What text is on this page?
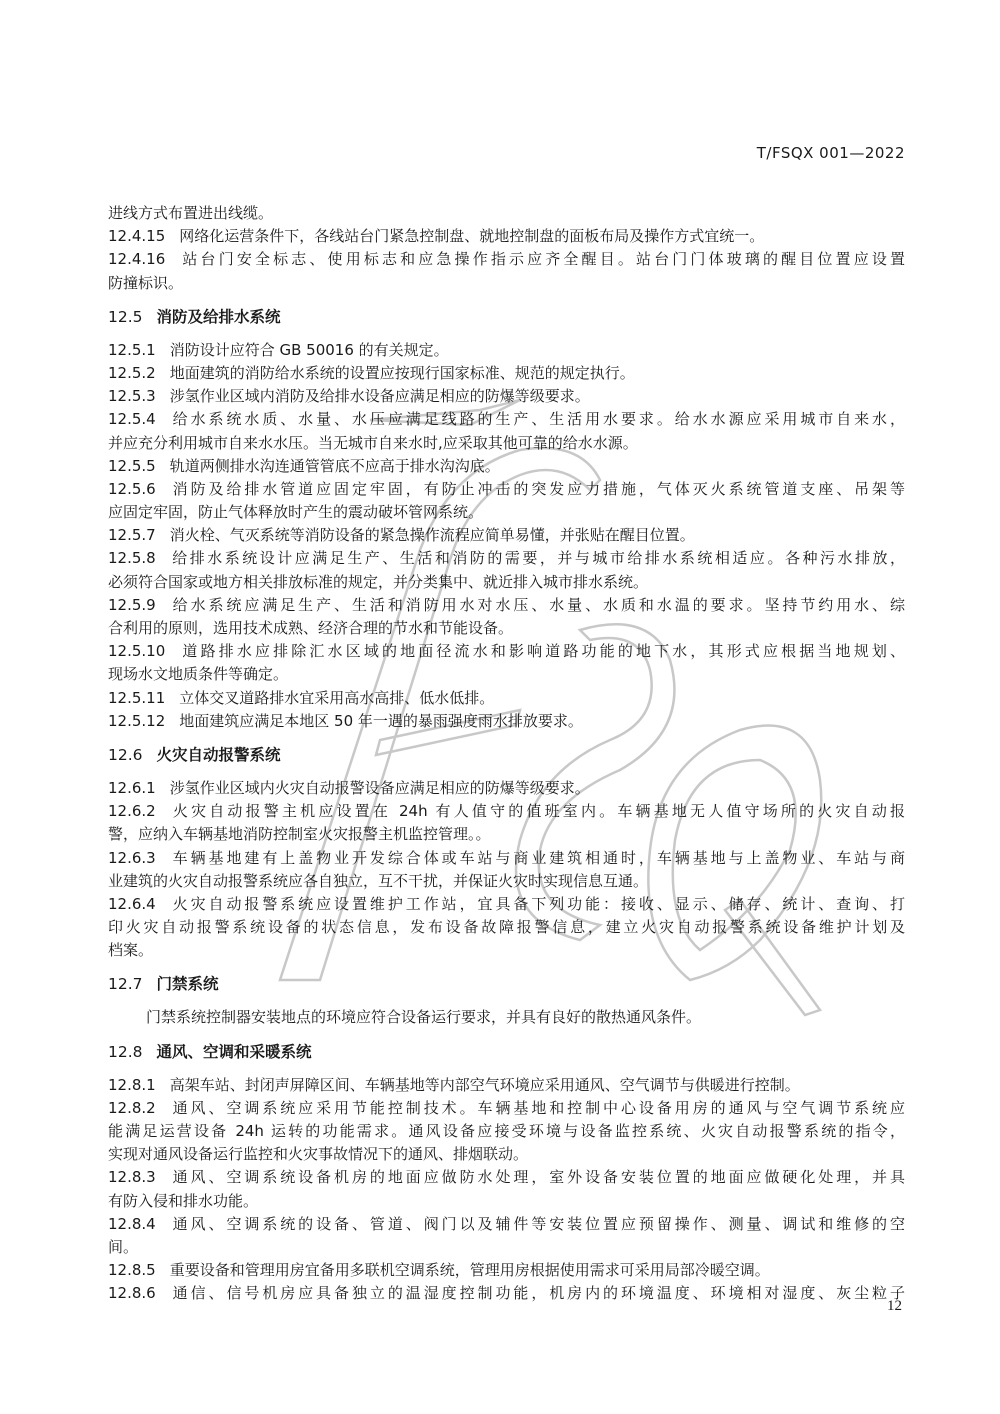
T/FSQX 001—2022
进线方式布置进出线缆。
12.4.15 网络化运营条件下，各线站台门紧急控制盘、就地控制盘的面板布局及操作方式宜统一。
12.4.16 站台门安全标志、使用标志和应急操作指示应齐全醒目。站台门门体玻璃的醒目位置应设置
防撞标识。
12.5 消防及给排水系统
12.5.1 消防设计应符合 GB 50016 的有关规定。
12.5.2 地面建筑的消防给水系统的设置应按现行国家标准、规范的规定执行。
12.5.3 涉氢作业区域内消防及给排水设备应满足相应的防爆等级要求。
12.5.4 给水系统水质、水量、水压应满足线路的生产、生活用水要求。给水水源应采用城市自来水，
并应充分利用城市自来水水压。当无城市自来水时,应采取其他可靠的给水水源。
12.5.5 轨道两侧排水沟连通管管底不应高于排水沟沟底。
12.5.6 消防及给排水管道应固定牢固，有防止冲击的突发应力措施，气体灭火系统管道支座、吊架等
应固定牢固，防止气体释放时产生的震动破坏管网系统。
12.5.7 消火栓、气灭系统等消防设备的紧急操作流程应简单易懂，并张贴在醒目位置。
12.5.8 给排水系统设计应满足生产、生活和消防的需要，并与城市给排水系统相适应。各种污水排放，
必须符合国家或地方相关排放标准的规定，并分类集中、就近排入城市排水系统。
12.5.9 给水系统应满足生产、生活和消防用水对水压、水量、水质和水温的要求。坚持节约用水、综
合利用的原则，选用技术成熟、经济合理的节水和节能设备。
12.5.10 道路排水应排除汇水区域的地面径流水和影响道路功能的地下水，其形式应根据当地规划、
现场水文地质条件等确定。
12.5.11 立体交叉道路排水宜采用高水高排、低水低排。
12.5.12 地面建筑应满足本地区 50 年一遇的暴雨强度雨水排放要求。
12.6 火灾自动报警系统
12.6.1 涉氢作业区域内火灾自动报警设备应满足相应的防爆等级要求。
12.6.2 火灾自动报警主机应设置在 24h 有人值守的值班室内。车辆基地无人值守场所的火灾自动报
警，应纳入车辆基地消防控制室火灾报警主机监控管理。。
12.6.3 车辆基地建有上盖物业开发综合体或车站与商业建筑相通时，车辆基地与上盖物业、车站与商
业建筑的火灾自动报警系统应各自独立，互不干扰，并保证火灾时实现信息互通。
12.6.4 火灾自动报警系统应设置维护工作站，宜具备下列功能：接收、显示、储存、统计、查询、打
印火灾自动报警系统设备的状态信息，发布设备故障报警信息，建立火灾自动报警系统设备维护计划及
档案。
12.7 门禁系统
门禁系统控制器安装地点的环境应符合设备运行要求，并具有良好的散热通风条件。
12.8 通风、空调和采暖系统
12.8.1 高架车站、封闭声屏障区间、车辆基地等内部空气环境应采用通风、空气调节与供暖进行控制。
12.8.2 通风、空调系统应采用节能控制技术。车辆基地和控制中心设备用房的通风与空气调节系统应
能满足运营设备 24h 运转的功能需求。通风设备应接受环境与设备监控系统、火灾自动报警系统的指令，
实现对通风设备运行监控和火灾事故情况下的通风、排烟联动。
12.8.3 通风、空调系统设备机房的地面应做防水处理，室外设备安装位置的地面应做硬化处理，并具
有防入侵和排水功能。
12.8.4 通风、空调系统的设备、管道、阀门以及辅件等安装位置应预留操作、测量、调试和维修的空
间。
12.8.5 重要设备和管理用房宜备用多联机空调系统，管理用房根据使用需求可采用局部冷暖空调。
12.8.6 通信、信号机房应具备独立的温湿度控制功能，机房内的环境温度、环境相对湿度、灰尘粒子
12
